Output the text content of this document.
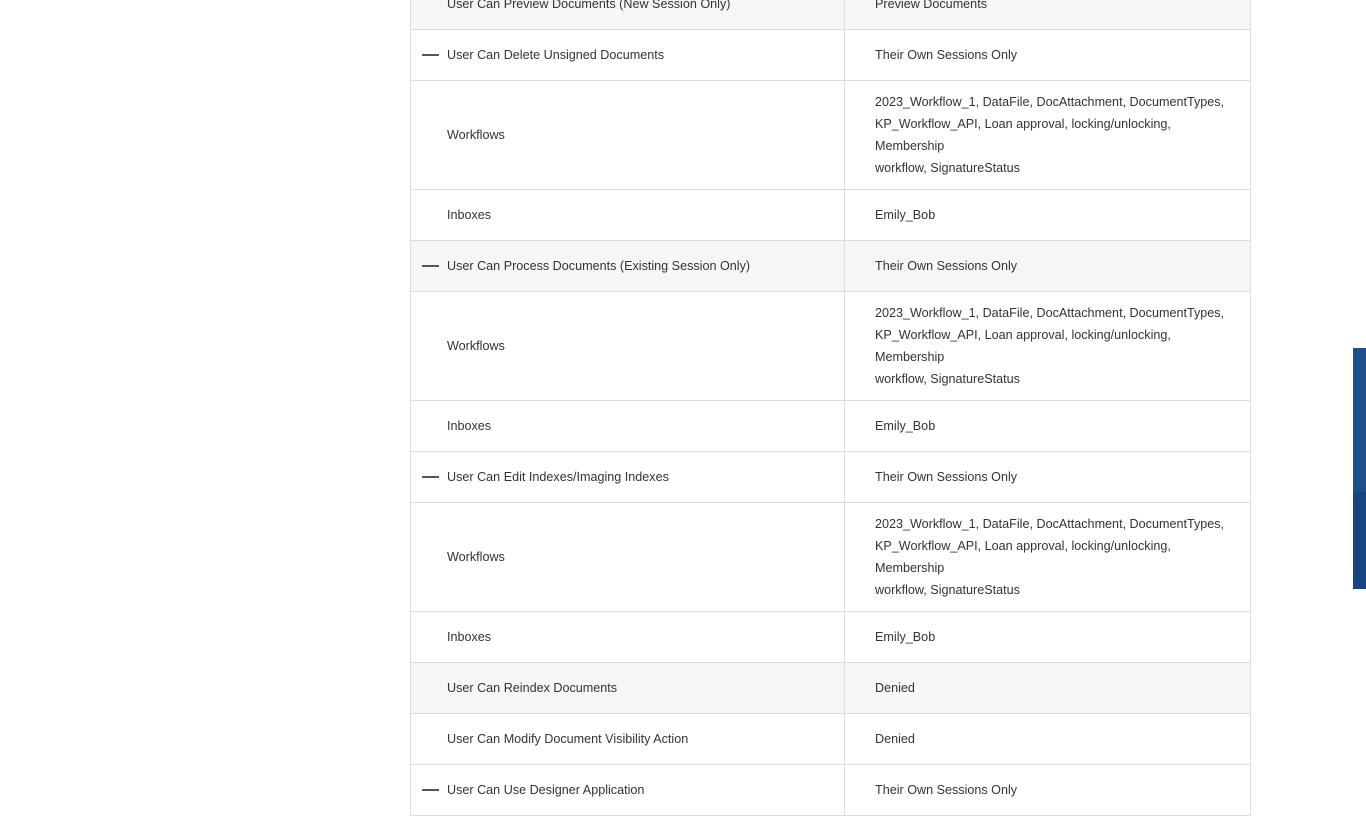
User Can Preview Documents (New Session Only)	Preview Documents

User Can Delete Unsigned Documents	Their Own Sessions Only

Workflows	2023_Workflow_1, DataFile, DocAttachment, DocumentTypes,
KP_Workflow_API, Loan approval, locking/unlocking, Membership
workflow, SignatureStatus

Inboxes	Emily_Bob

User Can Process Documents (Existing Session Only)	Their Own Sessions Only

Workflows	2023_Workflow_1, DataFile, DocAttachment, DocumentTypes,
KP_Workflow_API, Loan approval, locking/unlocking, Membership
workflow, SignatureStatus

Inboxes	Emily_Bob

User Can Edit Indexes/Imaging Indexes	Their Own Sessions Only

Workflows	2023_Workflow_1, DataFile, DocAttachment, DocumentTypes,
KP_Workflow_API, Loan approval, locking/unlocking, Membership
workflow, SignatureStatus

Inboxes	Emily_Bob

User Can Reindex Documents	Denied

User Can Modify Document Visibility Action	Denied

User Can Use Designer Application	Their Own Sessions Only
